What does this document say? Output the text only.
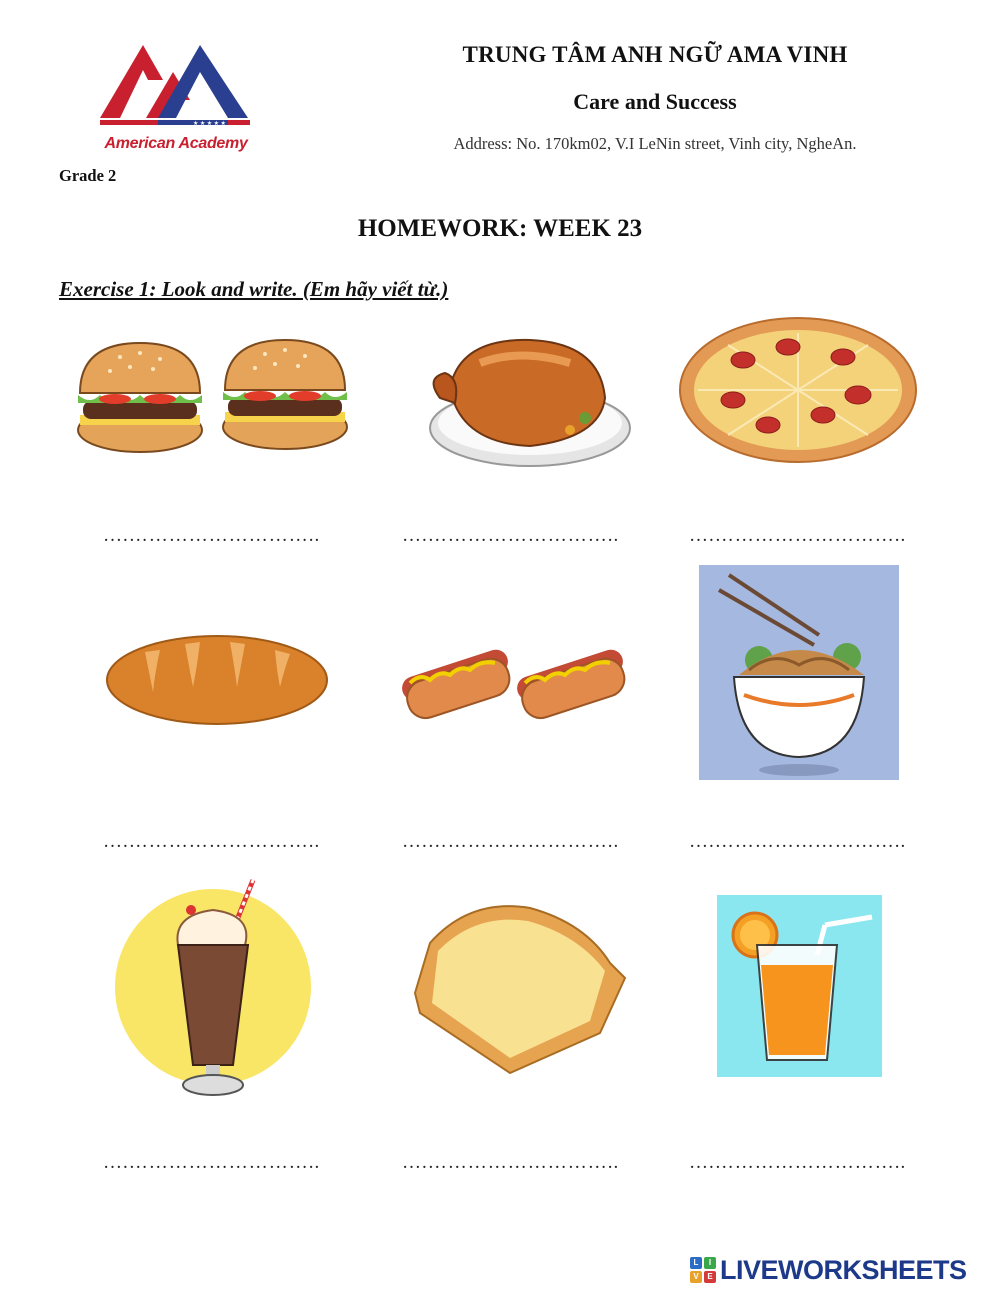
★ ★ ★ ★ ★
American Academy
TRUNG TÂM ANH NGỮ AMA VINH
Care and Success
Address: No. 170km02, V.I LeNin street, Vinh city, NgheAn.
Grade 2
HOMEWORK: WEEK 23
Exercise 1: Look and write. (Em hãy viết từ.)
….………………………..	….………………………..	….………………………..
….………………………..	….………………………..	….………………………..
….………………………..	….………………………..	….………………………..
L	I
V	E LIVEWORKSHEETS
